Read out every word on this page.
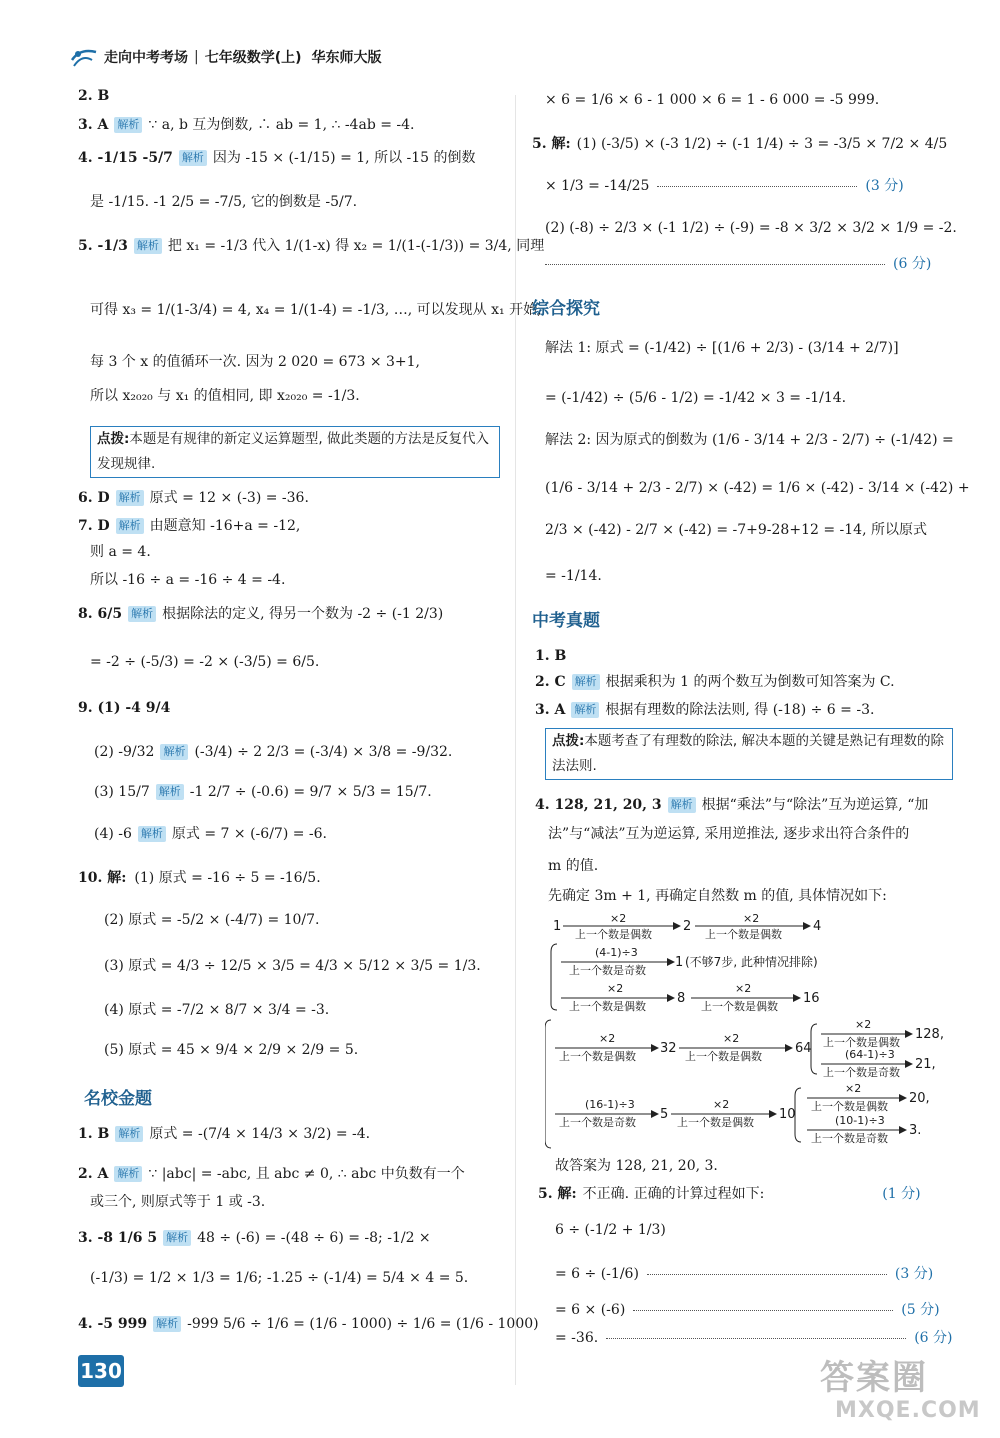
走向中考考场 | 七年级数学(上) 华东师大版
2. B
3. A 解析 ∵ a, b 互为倒数, ∴ ab = 1, ∴ -4ab = -4.
4. -1/15 -5/7 解析 因为 -15 × (-1/15) = 1, 所以 -15 的倒数
是 -1/15. -1 2/5 = -7/5, 它的倒数是 -5/7.
5. -1/3 解析 把 x₁ = -1/3 代入 1/(1-x) 得 x₂ = 1/(1-(-1/3)) = 3/4, 同理
可得 x₃ = 1/(1-3/4) = 4, x₄ = 1/(1-4) = -1/3, …, 可以发现从 x₁ 开始,
每 3 个 x 的值循环一次. 因为 2 020 = 673 × 3+1,
所以 x₂₀₂₀ 与 x₁ 的值相同, 即 x₂₀₂₀ = -1/3.
点拨:本题是有规律的新定义运算题型, 做此类题的方法是反复代入发现规律.
6. D 解析 原式 = 12 × (-3) = -36.
7. D 解析 由题意知 -16+a = -12,
则 a = 4.
所以 -16 ÷ a = -16 ÷ 4 = -4.
8. 6/5 解析 根据除法的定义, 得另一个数为 -2 ÷ (-1 2/3)
= -2 ÷ (-5/3) = -2 × (-3/5) = 6/5.
9. (1) -4 9/4
(2) -9/32 解析 (-3/4) ÷ 2 2/3 = (-3/4) × 3/8 = -9/32.
(3) 15/7 解析 -1 2/7 ÷ (-0.6) = 9/7 × 5/3 = 15/7.
(4) -6 解析 原式 = 7 × (-6/7) = -6.
10. 解: (1) 原式 = -16 ÷ 5 = -16/5.
(2) 原式 = -5/2 × (-4/7) = 10/7.
(3) 原式 = 4/3 ÷ 12/5 × 3/5 = 4/3 × 5/12 × 3/5 = 1/3.
(4) 原式 = -7/2 × 8/7 × 3/4 = -3.
(5) 原式 = 45 × 9/4 × 2/9 × 2/9 = 5.
名校金题
1. B 解析 原式 = -(7/4 × 14/3 × 3/2) = -4.
2. A 解析 ∵ |abc| = -abc, 且 abc ≠ 0, ∴ abc 中负数有一个
或三个, 则原式等于 1 或 -3.
3. -8 1/6 5 解析 48 ÷ (-6) = -(48 ÷ 6) = -8; -1/2 ×
(-1/3) = 1/2 × 1/3 = 1/6; -1.25 ÷ (-1/4) = 5/4 × 4 = 5.
4. -5 999 解析 -999 5/6 ÷ 1/6 = (1/6 - 1000) ÷ 1/6 = (1/6 - 1000)
× 6 = 1/6 × 6 - 1 000 × 6 = 1 - 6 000 = -5 999.
5. 解: (1) (-3/5) × (-3 1/2) ÷ (-1 1/4) ÷ 3 = -3/5 × 7/2 × 4/5
× 1/3 = -14/25	(3 分)
(2) (-8) ÷ 2/3 × (-1 1/2) ÷ (-9) = -8 × 3/2 × 3/2 × 1/9 = -2.
(6 分)
综合探究
解法 1: 原式 = (-1/42) ÷ [(1/6 + 2/3) - (3/14 + 2/7)]
= (-1/42) ÷ (5/6 - 1/2) = -1/42 × 3 = -1/14.
解法 2: 因为原式的倒数为 (1/6 - 3/14 + 2/3 - 2/7) ÷ (-1/42) =
(1/6 - 3/14 + 2/3 - 2/7) × (-42) = 1/6 × (-42) - 3/14 × (-42) +
2/3 × (-42) - 2/7 × (-42) = -7+9-28+12 = -14, 所以原式
= -1/14.
中考真题
1. B
2. C 解析 根据乘积为 1 的两个数互为倒数可知答案为 C.
3. A 解析 根据有理数的除法法则, 得 (-18) ÷ 6 = -3.
点拨:本题考查了有理数的除法, 解决本题的关键是熟记有理数的除法法则.
4. 128, 21, 20, 3 解析 根据“乘法”与“除法”互为逆运算, “加
法”与“减法”互为逆运算, 采用逆推法, 逐步求出符合条件的
m 的值.
先确定 3m + 1, 再确定自然数 m 的值, 具体情况如下:
1
×2
上一个数是偶数
2
×2
上一个数是偶数
4
(4-1)÷3
上一个数是奇数
1 (不够7步, 此种情况排除)
×2
上一个数是偶数
8
×2
上一个数是偶数
16
×2
上一个数是偶数
32
×2
上一个数是偶数
64
×2
上一个数是偶数
128,
(64-1)÷3
上一个数是奇数
21,
(16-1)÷3
上一个数是奇数
5
×2
上一个数是偶数
10
×2
上一个数是偶数
20,
(10-1)÷3
上一个数是奇数
3.
故答案为 128, 21, 20, 3.
5. 解: 不正确. 正确的计算过程如下:	(1 分)
6 ÷ (-1/2 + 1/3)
= 6 ÷ (-1/6)	(3 分)
= 6 × (-6)	(5 分)
= -36.	(6 分)
130	答案圈
MXQE.COM
